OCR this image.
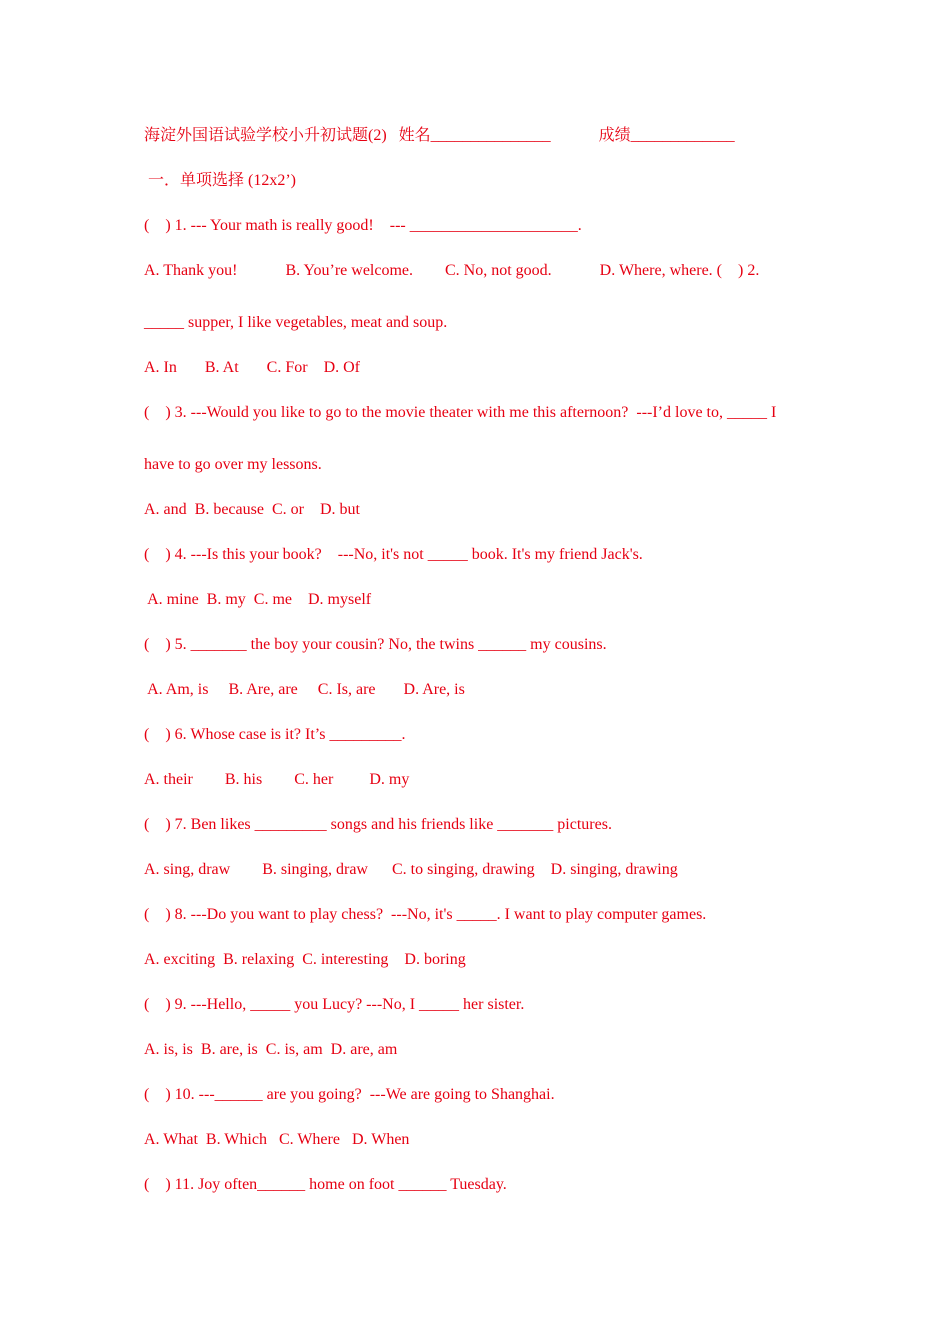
海淀外国语试验学校小升初试题(2)   姓名_______________            成绩_____________
一．单项选择 (12x2’)
(    ) 1. --- Your math is really good!    --- _____________________.
A. Thank you!            B. You’re welcome.        C. No, not good.            D. Where, where. (    ) 2.
_____ supper, I like vegetables, meat and soup.
A. In       B. At       C. For    D. Of
(    ) 3. ---Would you like to go to the movie theater with me this afternoon?  ---I’d love to, _____ I
have to go over my lessons.
A. and  B. because  C. or    D. but
(    ) 4. ---Is this your book?    ---No, it's not _____ book. It's my friend Jack's.
A. mine  B. my  C. me    D. myself
(    ) 5. _______ the boy your cousin? No, the twins ______ my cousins.
A. Am, is     B. Are, are     C. Is, are       D. Are, is
(    ) 6. Whose case is it? It’s _________.
A. their        B. his        C. her         D. my
(    ) 7. Ben likes _________ songs and his friends like _______ pictures.
A. sing, draw        B. singing, draw      C. to singing, drawing    D. singing, drawing
(    ) 8. ---Do you want to play chess?  ---No, it's _____. I want to play computer games.
A. exciting  B. relaxing  C. interesting    D. boring
(    ) 9. ---Hello, _____ you Lucy? ---No, I _____ her sister.
A. is, is  B. are, is  C. is, am  D. are, am
(    ) 10. ---______ are you going?  ---We are going to Shanghai.
A. What  B. Which   C. Where   D. When
(    ) 11. Joy often______ home on foot ______ Tuesday.
